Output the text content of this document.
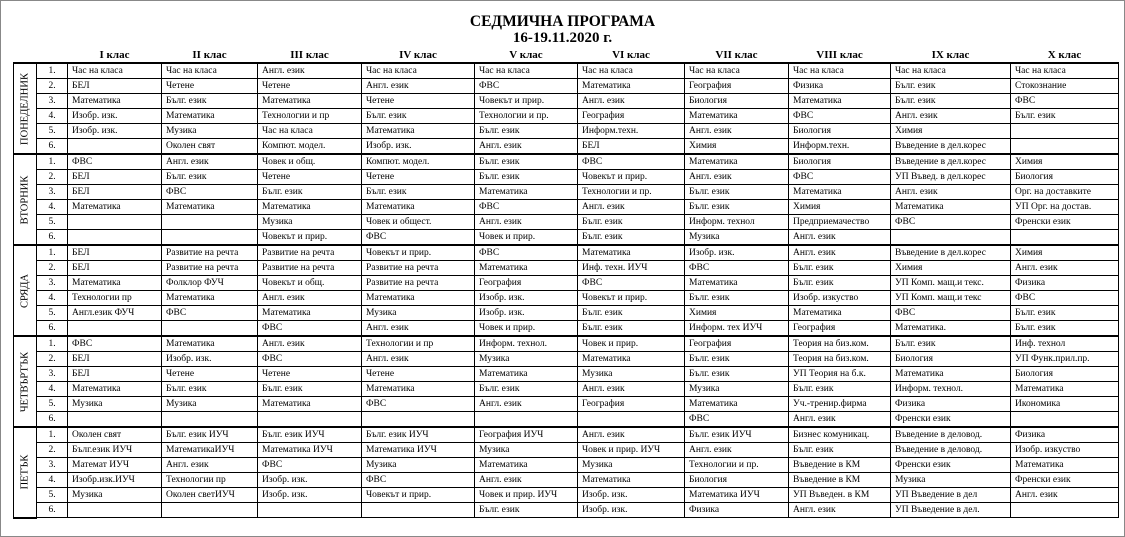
СЕДМИЧНА ПРОГРАМА
16-19.11.2020 г.
		I клас	II клас	III клас	IV клас	V клас	VI клас	VII клас	VIII клас	IX клас	X клас

ПОНЕДЕЛНИК	1.	Час на класа	Час на класа	Англ. език	Час на класа	Час на класа	Час на класа	Час на класа	Час на класа	Час на класа	Час на класа
	2.	БЕЛ	Четене	Четене	Англ. език	ФВС	Математика	География	Физика	Бълг. език	Стокознание
	3.	Математика	Бълг. език	Математика	Четене	Човекът и прир.	Англ. език	Биология	Математика	Бълг. език	ФВС
	4.	Изобр. изк.	Математика	Технологии и пр	Бълг. език	Технологии и пр.	География	Математика	ФВС	Англ. език	Бълг. език
	5.	Изобр. изк.	Музика	Час на класа	Математика	Бълг. език	Информ.техн.	Англ. език	Биология	Химия	
	6.		Околен свят	Компют. модел.	Изобр. изк.	Англ. език	БЕЛ	Химия	Информ.техн.	Въведение в дел.корес	

ВТОРНИК	1.	ФВС	Англ. език	Човек и общ.	Компют. модел.	Бълг. език	ФВС	Математика	Биология	Въведение в дел.корес	Химия
	2.	БЕЛ	Бълг. език	Четене	Четене	Бълг. език	Човекът и прир.	Англ. език	ФВС	УП Въвед. в дел.корес	Биология
	3.	БЕЛ	ФВС	Бълг. език	Бълг. език	Математика	Технологии и пр.	Бълг. език	Математика	Англ. език	Орг. на доставките
	4.	Математика	Математика	Математика	Математика	ФВС	Англ. език	Бълг. език	Химия	Математика	УП Орг. на достав.
	5.			Музика	Човек и общест.	Англ. език	Бълг. език	Информ. технол	Предприемачество	ФВС	Френски език
	6.			Човекът и прир.	ФВС	Човек и прир.	Бълг. език	Музика	Англ. език		

СРЯДА	1.	БЕЛ	Развитие на речта	Развитие на речта	Човекът и прир.	ФВС	Математика	Изобр. изк.	Англ. език	Въведение в дел.корес	Химия
	2.	БЕЛ	Развитие на речта	Развитие на речта	Развитие на речта	Математика	Инф. техн. ИУЧ	ФВС	Бълг. език	Химия	Англ. език
	3.	Математика	Фолклор ФУЧ	Човекът и общ.	Развитие на речта	География	ФВС	Математика	Бълг. език	УП Комп. мащ.и текс.	Физика
	4.	Технологии пр	Математика	Англ. език	Математика	Изобр. изк.	Човекът и прир.	Бълг. език	Изобр. изкуство	УП Комп. мащ.и текс	ФВС
	5.	Англ.език ФУЧ	ФВС	Математика	Музика	Изобр. изк.	Бълг. език	Химия	Математика	ФВС	Бълг. език
	6.			ФВС	Англ. език	Човек и прир.	Бълг. език	Информ. тех ИУЧ	География	Математика.	Бълг. език

ЧЕТВЪРТЪК	1.	ФВС	Математика	Англ. език	Технологии и пр	Информ. технол.	Човек и прир.	География	Теория на биз.ком.	Бълг. език	Инф. технол
	2.	БЕЛ	Изобр. изк.	ФВС	Англ. език	Музика	Математика	Бълг. език	Теория на биз.ком.	Биология	УП Функ.прил.пр.
	3.	БЕЛ	Четене	Четене	Четене	Математика	Музика	Бълг. език	УП Теория на б.к.	Математика	Биология
	4.	Математика	Бълг. език	Бълг. език	Математика	Бълг. език	Англ. език	Музика	Бълг. език	Информ. технол.	Математика
	5.	Музика	Музика	Математика	ФВС	Англ. език	География	Математика	Уч.-тренир.фирма	Физика	Икономика
	6.							ФВС	Англ. език	Френски език	

ПЕТЪК	1.	Околен свят	Бълг. език ИУЧ	Бълг. език ИУЧ	Бълг. език ИУЧ	География ИУЧ	Англ. език	Бълг. език ИУЧ	Бизнес комуникац.	Въведение в деловод.	Физика
	2.	Бълг.език ИУЧ	МатематикаИУЧ	Математика ИУЧ	Математика ИУЧ	Музика	Човек и прир. ИУЧ	Англ. език	Бълг. език	Въведение в деловод.	Изобр. изкуство
	3.	Математ ИУЧ	Англ. език	ФВС	Музика	Математика	Музика	Технологии и пр.	Въведение в КМ	Френски език	Математика
	4.	Изобр.изк.ИУЧ	Технологии пр	Изобр. изк.	ФВС	Англ. език	Математика	Биология	Въведение в КМ	Музика	Френски език
	5.	Музика	Околен светИУЧ	Изобр. изк.	Човекът и прир.	Човек и прир. ИУЧ	Изобр. изк.	Математика ИУЧ	УП Въведен. в КМ	УП Въведение в дел	Англ. език
	6.					Бълг. език	Изобр. изк.	Физика	Англ. език	УП Въведение в дел.	
